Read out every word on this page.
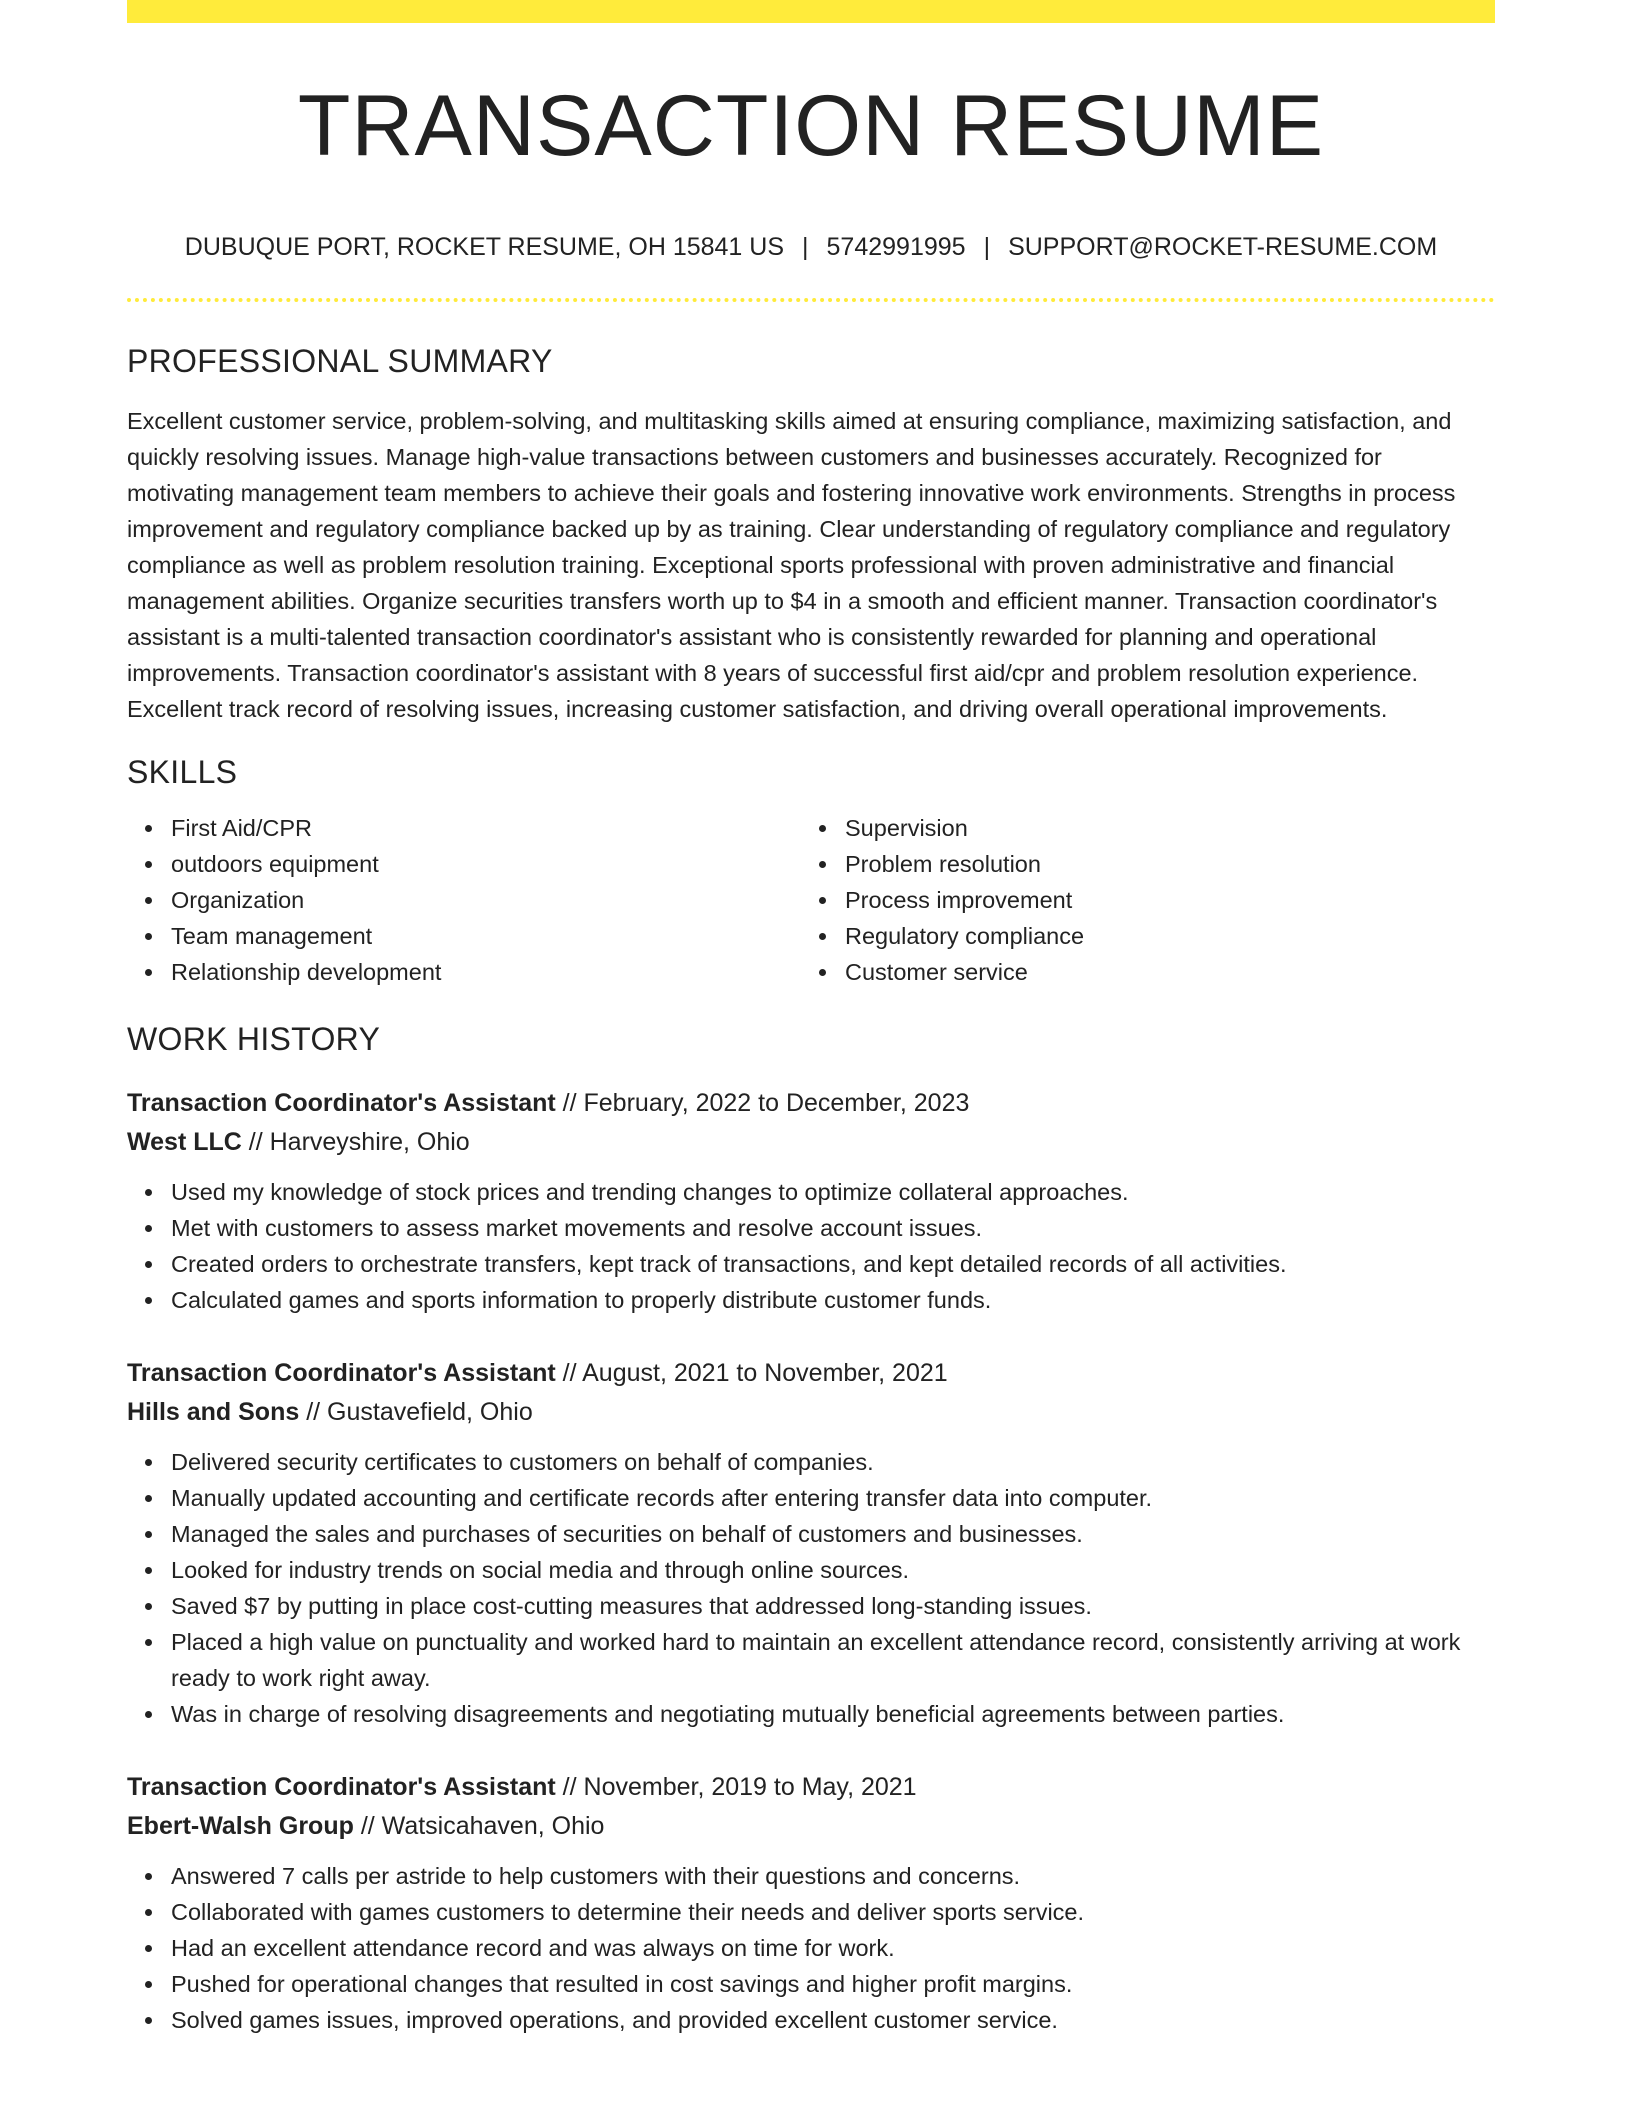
TRANSACTION RESUME
DUBUQUE PORT, ROCKET RESUME, OH 15841 US | 5742991995 | SUPPORT@ROCKET-RESUME.COM
PROFESSIONAL SUMMARY

Excellent customer service, problem-solving, and multitasking skills aimed at ensuring compliance, maximizing satisfaction, and quickly resolving issues. Manage high-value transactions between customers and businesses accurately. Recognized for motivating management team members to achieve their goals and fostering innovative work environments. Strengths in process improvement and regulatory compliance backed up by as training. Clear understanding of regulatory compliance and regulatory compliance as well as problem resolution training. Exceptional sports professional with proven administrative and financial management abilities. Organize securities transfers worth up to $4 in a smooth and efficient manner. Transaction coordinator's assistant is a multi-talented transaction coordinator's assistant who is consistently rewarded for planning and operational improvements. Transaction coordinator's assistant with 8 years of successful first aid/cpr and problem resolution experience. Excellent track record of resolving issues, increasing customer satisfaction, and driving overall operational improvements.

SKILLS
First Aid/CPR
outdoors equipment
Organization
Team management
Relationship development
Supervision
Problem resolution
Process improvement
Regulatory compliance
Customer service
WORK HISTORY
Transaction Coordinator's Assistant // February, 2022 to December, 2023
West LLC // Harveyshire, Ohio
Used my knowledge of stock prices and trending changes to optimize collateral approaches.
Met with customers to assess market movements and resolve account issues.
Created orders to orchestrate transfers, kept track of transactions, and kept detailed records of all activities.
Calculated games and sports information to properly distribute customer funds.
Transaction Coordinator's Assistant // August, 2021 to November, 2021
Hills and Sons // Gustavefield, Ohio
Delivered security certificates to customers on behalf of companies.
Manually updated accounting and certificate records after entering transfer data into computer.
Managed the sales and purchases of securities on behalf of customers and businesses.
Looked for industry trends on social media and through online sources.
Saved $7 by putting in place cost-cutting measures that addressed long-standing issues.
Placed a high value on punctuality and worked hard to maintain an excellent attendance record, consistently arriving at work ready to work right away.
Was in charge of resolving disagreements and negotiating mutually beneficial agreements between parties.
Transaction Coordinator's Assistant // November, 2019 to May, 2021
Ebert-Walsh Group // Watsicahaven, Ohio
Answered 7 calls per astride to help customers with their questions and concerns.
Collaborated with games customers to determine their needs and deliver sports service.
Had an excellent attendance record and was always on time for work.
Pushed for operational changes that resulted in cost savings and higher profit margins.
Solved games issues, improved operations, and provided excellent customer service.
